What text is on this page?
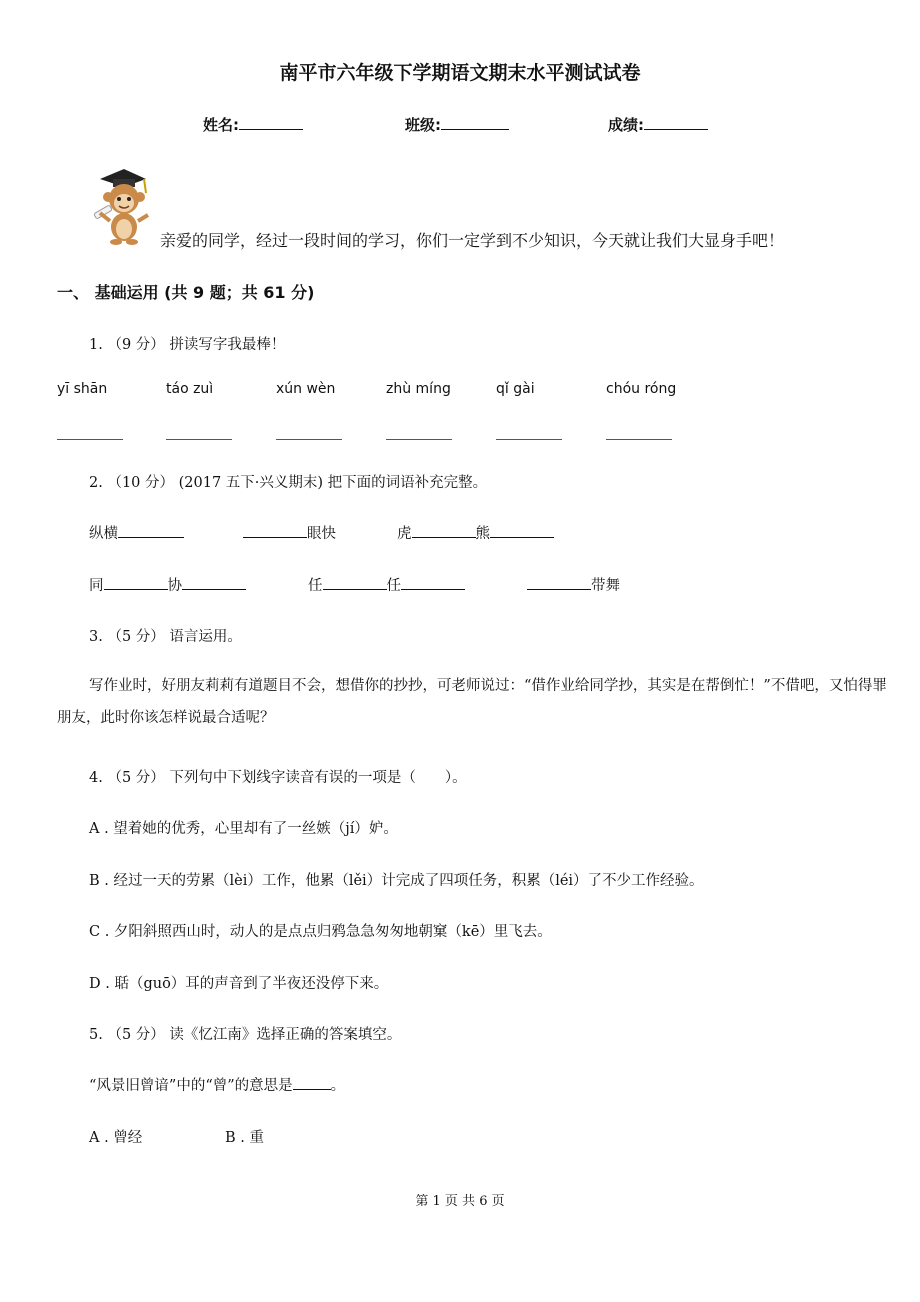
南平市六年级下学期语文期末水平测试试卷
姓名:	班级:	成绩:
亲爱的同学，经过一段时间的学习，你们一定学到不少知识，今天就让我们大显身手吧！
一、 基础运用 (共 9 题；共 61 分)
1. （9 分） 拼读写字我最棒！
yī shān	táo zuì	xún wèn	zhù míng	qǐ gài	chóu róng
2. （10 分） (2017 五下·兴义期末) 把下面的词语补充完整。
纵横	眼快	虎	熊
同	协	任	任	带舞
3. （5 分） 语言运用。
写作业时，好朋友莉莉有道题目不会，想借你的抄抄，可老师说过：“借作业给同学抄，其实是在帮倒忙！”不借吧，又怕得罪朋友，此时你该怎样说最合适呢？
4. （5 分） 下列句中下划线字读音有误的一项是（　　）。
A . 望着她的优秀，心里却有了一丝嫉（jí）妒。
B . 经过一天的劳累（lèi）工作，他累（lěi）计完成了四项任务，积累（léi）了不少工作经验。
C . 夕阳斜照西山时，动人的是点点归鸦急急匆匆地朝窠（kē）里飞去。
D . 聒（guō）耳的声音到了半夜还没停下来。
5. （5 分） 读《忆江南》选择正确的答案填空。
“风景旧曾谙”中的“曾”的意思是	。
A . 曾经	B . 重
第 1 页 共 6 页
